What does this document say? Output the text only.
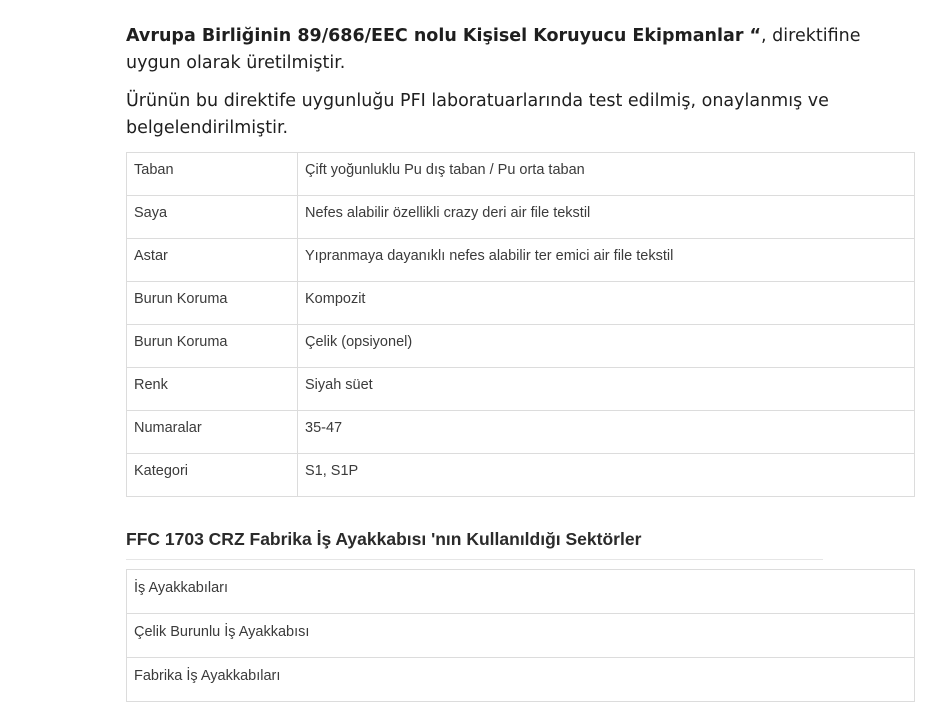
Avrupa Birliğinin 89/686/EEC nolu Kişisel Koruyucu Ekipmanlar “, direktifine uygun olarak üretilmiştir.

Ürünün bu direktife uygunluğu PFI laboratuarlarında test edilmiş, onaylanmış ve belgelendirilmiştir.

Taban	Çift yoğunluklu Pu dış taban / Pu orta taban
Saya	Nefes alabilir özellikli crazy deri air file tekstil
Astar	Yıpranmaya dayanıklı nefes alabilir ter emici air file tekstil
Burun Koruma	Kompozit
Burun Koruma	Çelik (opsiyonel)
Renk	Siyah süet
Numaralar	35-47
Kategori	S1, S1P
FFC 1703 CRZ Fabrika İş Ayakkabısı 'nın Kullanıldığı Sektörler
İş Ayakkabıları
Çelik Burunlu İş Ayakkabısı
Fabrika İş Ayakkabıları
